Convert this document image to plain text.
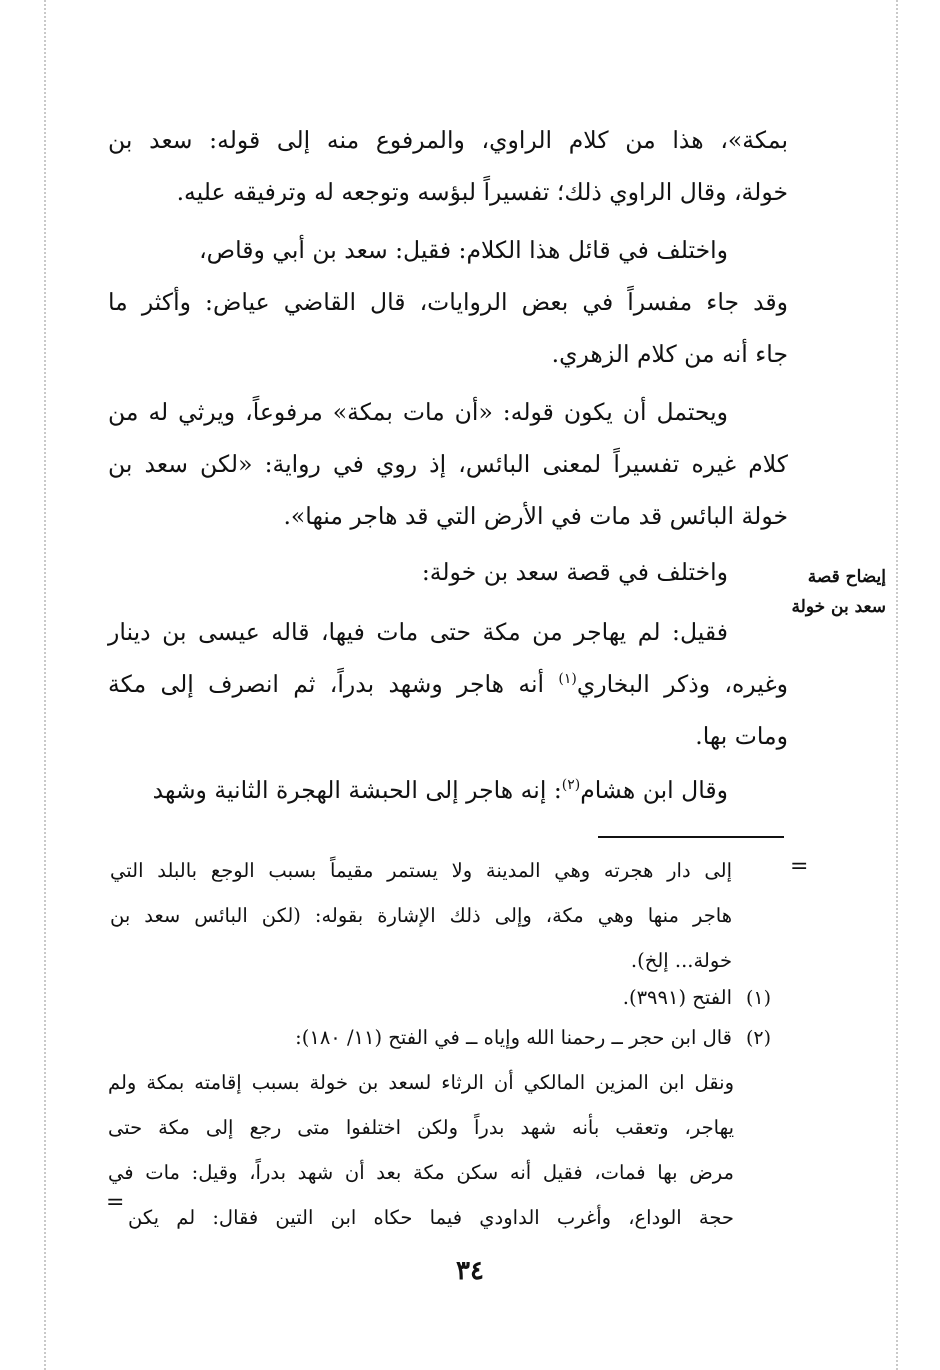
بمكة»، هذا من كلام الراوي، والمرفوع منه إلى قوله: سعد بن

خولة، وقال الراوي ذلك؛ تفسيراً لبؤسه وتوجعه له وترفيقه عليه.

واختلف في قائل هذا الكلام: فقيل: سعد بن أبي وقاص،

وقد جاء مفسراً في بعض الروايات، قال القاضي عياض: وأكثر ما

جاء أنه من كلام الزهري.

ويحتمل أن يكون قوله: «أن مات بمكة» مرفوعاً، ويرثي له من

كلام غيره تفسيراً لمعنى البائس، إذ روي في رواية: «لكن سعد بن

خولة البائس قد مات في الأرض التي قد هاجر منها».

واختلف في قصة سعد بن خولة:	إيضاح قصة
سعد بن خولة

فقيل: لم يهاجر من مكة حتى مات فيها، قاله عيسى بن دينار

وغيره، وذكر البخاري$^{(١)}$ أنه هاجر وشهد بدراً، ثم انصرف إلى مكة

ومات بها.

وقال ابن هشام$^{(٢)}$: إنه هاجر إلى الحبشة الهجرة الثانية وشهد

=

إلى دار هجرته وهي المدينة ولا يستمر مقيماً بسبب الوجع بالبلد التي

هاجر منها وهي مكة، وإلى ذلك الإشارة بقوله: (لكن البائس سعد بن

خولة... إلخ).

(١)

الفتح (٣٩٩١).

(٢)

قال ابن حجر ــ رحمنا الله وإياه ــ في الفتح (١١/ ١٨٠):

ونقل ابن المزين المالكي أن الرثاء لسعد بن خولة بسبب إقامته بمكة ولم

يهاجر، وتعقب بأنه شهد بدراً ولكن اختلفوا متى رجع إلى مكة حتى

مرض بها فمات، فقيل أنه سكن مكة بعد أن شهد بدراً، وقيل: مات في

حجة الوداع، وأغرب الداودي فيما حكاه ابن التين فقال: لم يكن

=
٣٤
